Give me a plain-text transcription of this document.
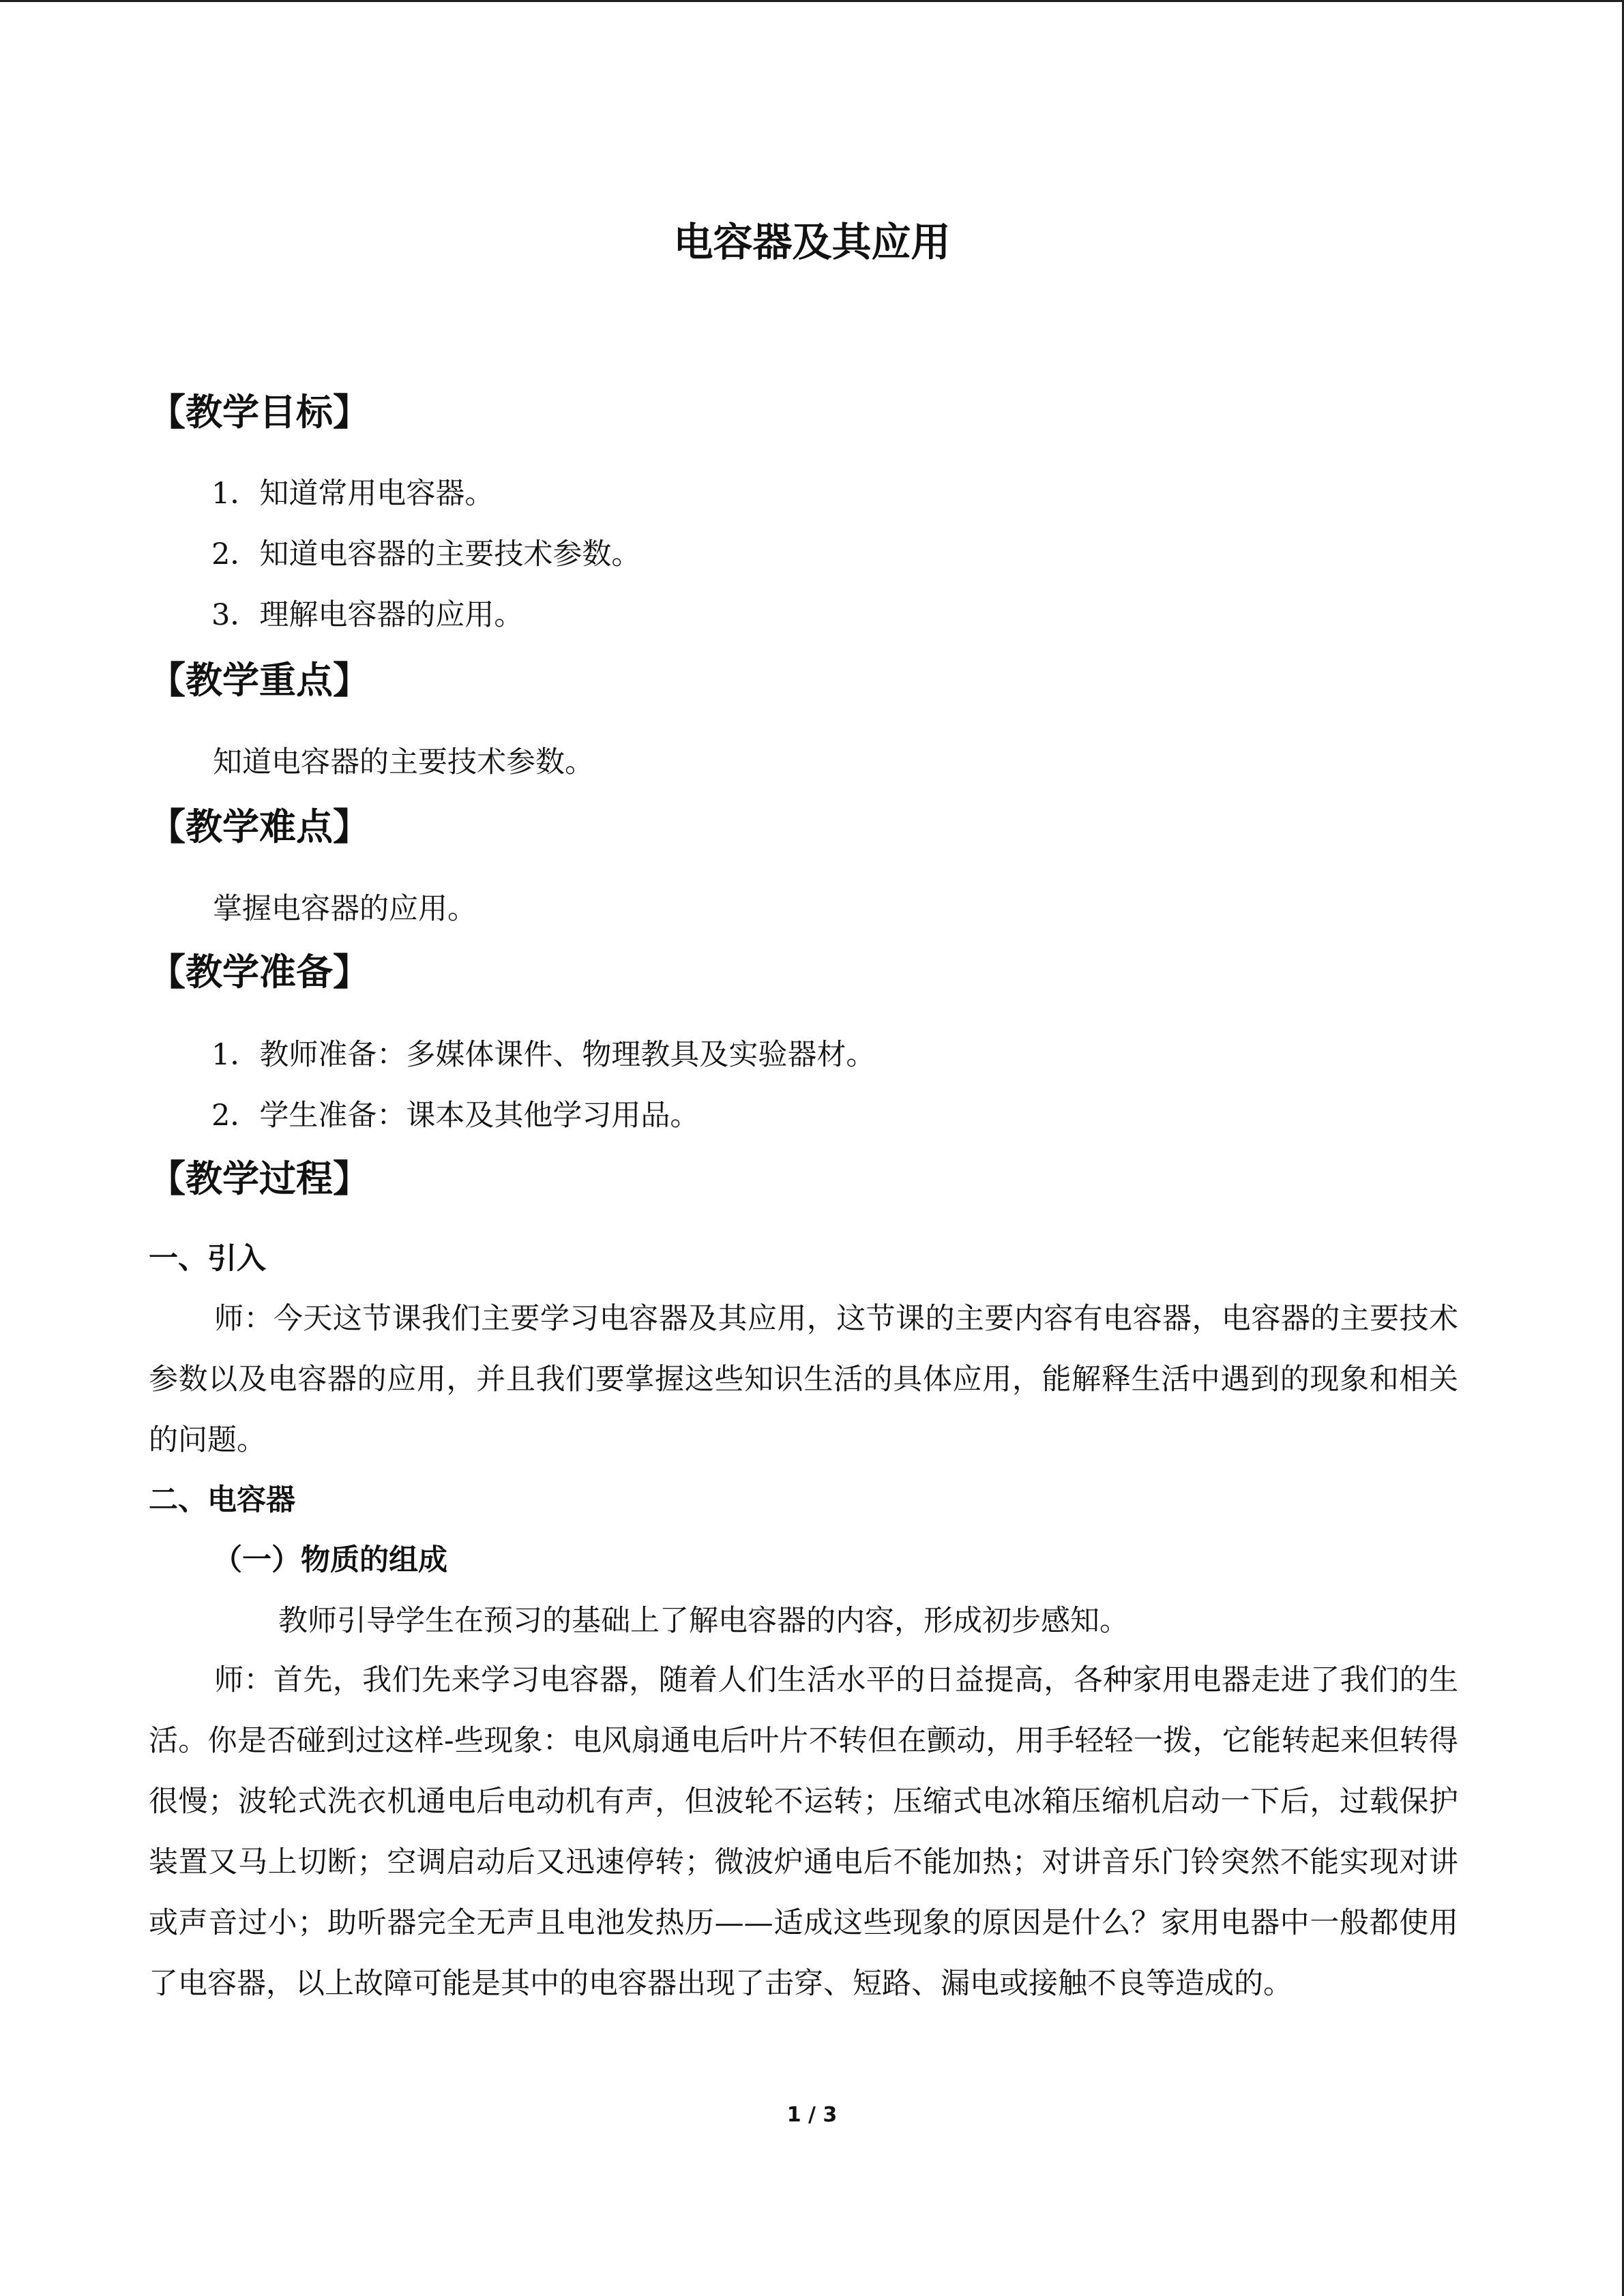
电容器及其应用
【教学目标】
1．知道常用电容器。
2．知道电容器的主要技术参数。
3．理解电容器的应用。
【教学重点】
知道电容器的主要技术参数。
【教学难点】
掌握电容器的应用。
【教学准备】
1．教师准备：多媒体课件、物理教具及实验器材。
2．学生准备：课本及其他学习用品。
【教学过程】
一、引入
师：今天这节课我们主要学习电容器及其应用，这节课的主要内容有电容器，电容器的主要技术参数以及电容器的应用，并且我们要掌握这些知识生活的具体应用，能解释生活中遇到的现象和相关的问题。
二、电容器
（一）物质的组成
教师引导学生在预习的基础上了解电容器的内容，形成初步感知。
师：首先，我们先来学习电容器，随着人们生活水平的日益提高，各种家用电器走进了我们的生活。你是否碰到过这样-些现象：电风扇通电后叶片不转但在颤动，用手轻轻一拨，它能转起来但转得很慢；波轮式洗衣机通电后电动机有声，但波轮不运转；压缩式电冰箱压缩机启动一下后，过载保护装置又马上切断；空调启动后又迅速停转；微波炉通电后不能加热；对讲音乐门铃突然不能实现对讲或声音过小；助听器完全无声且电池发热历——适成这些现象的原因是什么？家用电器中一般都使用了电容器，以上故障可能是其中的电容器出现了击穿、短路、漏电或接触不良等造成的。
1 / 3
